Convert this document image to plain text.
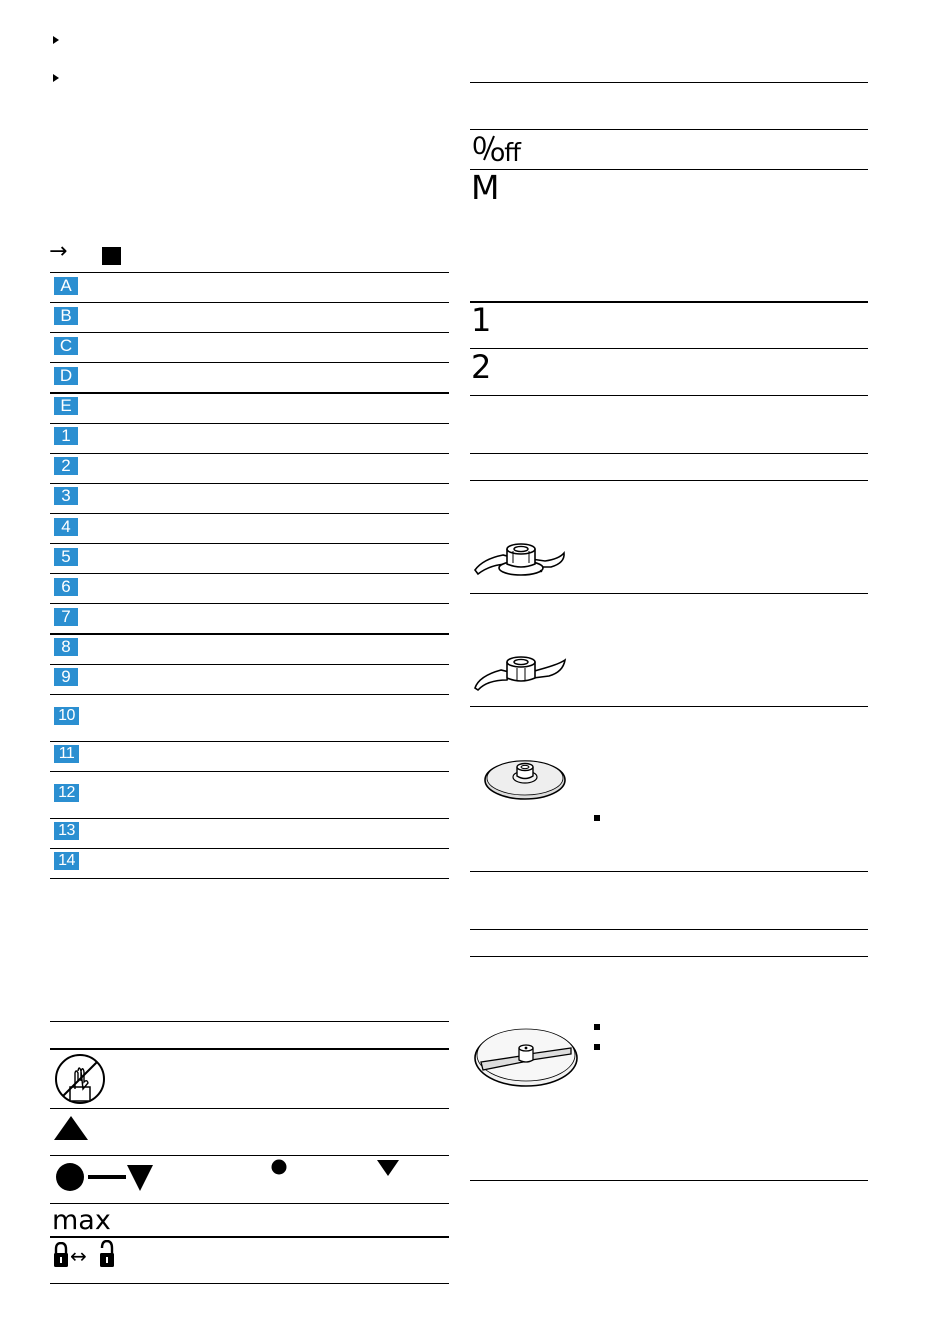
→
A
B
C
D
E
1
2
3
4
5
6
7
8
9
10
11
12
13
14
max
↔
0 off
M
1
2
